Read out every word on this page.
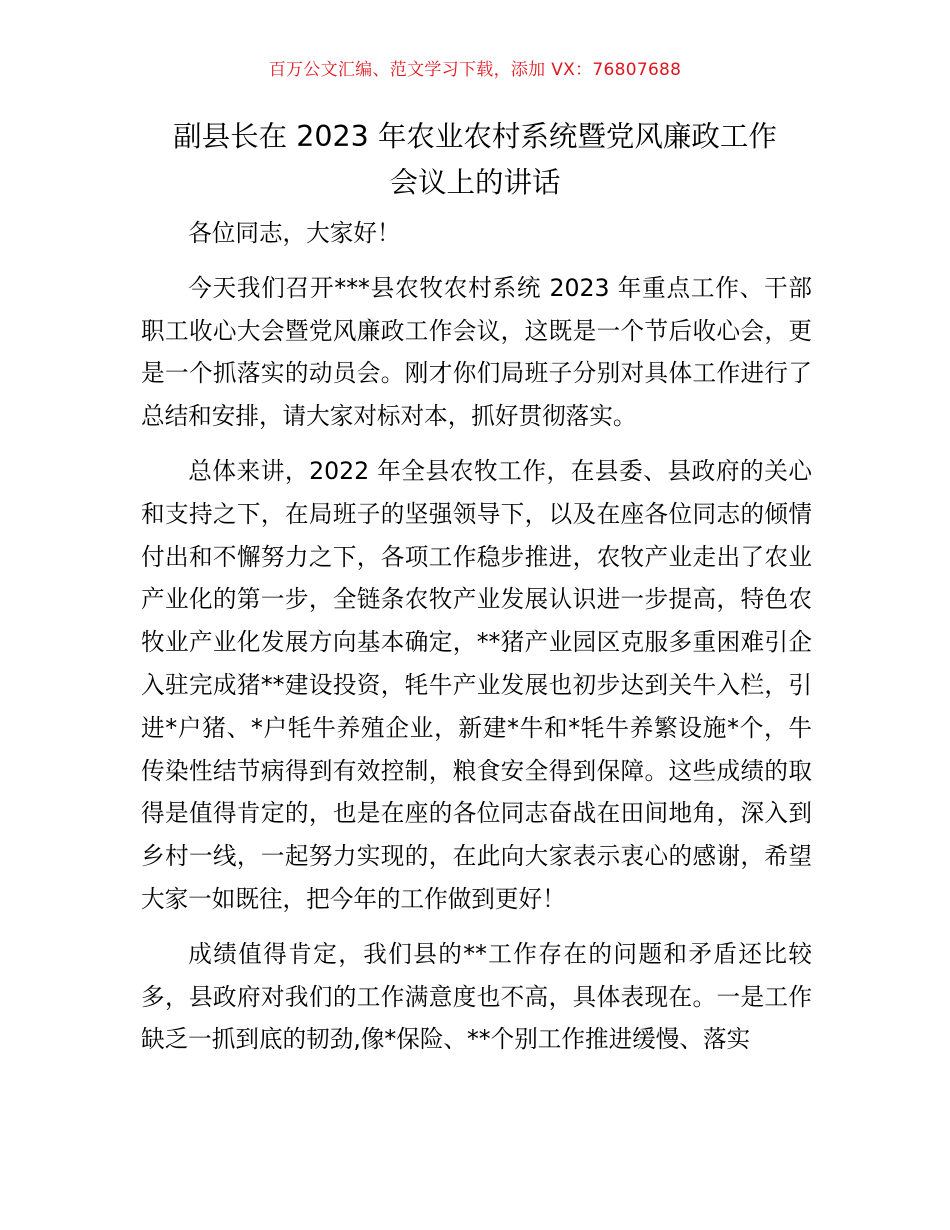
百万公文汇编、范文学习下载，添加 VX：76807688
副县长在 2023 年农业农村系统暨党风廉政工作
会议上的讲话

各位同志，大家好！

今天我们召开***县农牧农村系统 2023 年重点工作、干部职工收心大会暨党风廉政工作会议，这既是一个节后收心会，更是一个抓落实的动员会。刚才你们局班子分别对具体工作进行了总结和安排，请大家对标对本，抓好贯彻落实。

总体来讲，2022 年全县农牧工作，在县委、县政府的关心和支持之下，在局班子的坚强领导下，以及在座各位同志的倾情付出和不懈努力之下，各项工作稳步推进，农牧产业走出了农业产业化的第一步，全链条农牧产业发展认识进一步提高，特色农牧业产业化发展方向基本确定，**猪产业园区克服多重困难引企入驻完成猪**建设投资，牦牛产业发展也初步达到关牛入栏，引进*户猪、*户牦牛养殖企业，新建*牛和*牦牛养繁设施*个，牛传染性结节病得到有效控制，粮食安全得到保障。这些成绩的取得是值得肯定的，也是在座的各位同志奋战在田间地角，深入到乡村一线，一起努力实现的，在此向大家表示衷心的感谢，希望大家一如既往，把今年的工作做到更好！

成绩值得肯定，我们县的**工作存在的问题和矛盾还比较多，县政府对我们的工作满意度也不高，具体表现在。一是工作缺乏一抓到底的韧劲,像*保险、**个别工作推进缓慢、落实
